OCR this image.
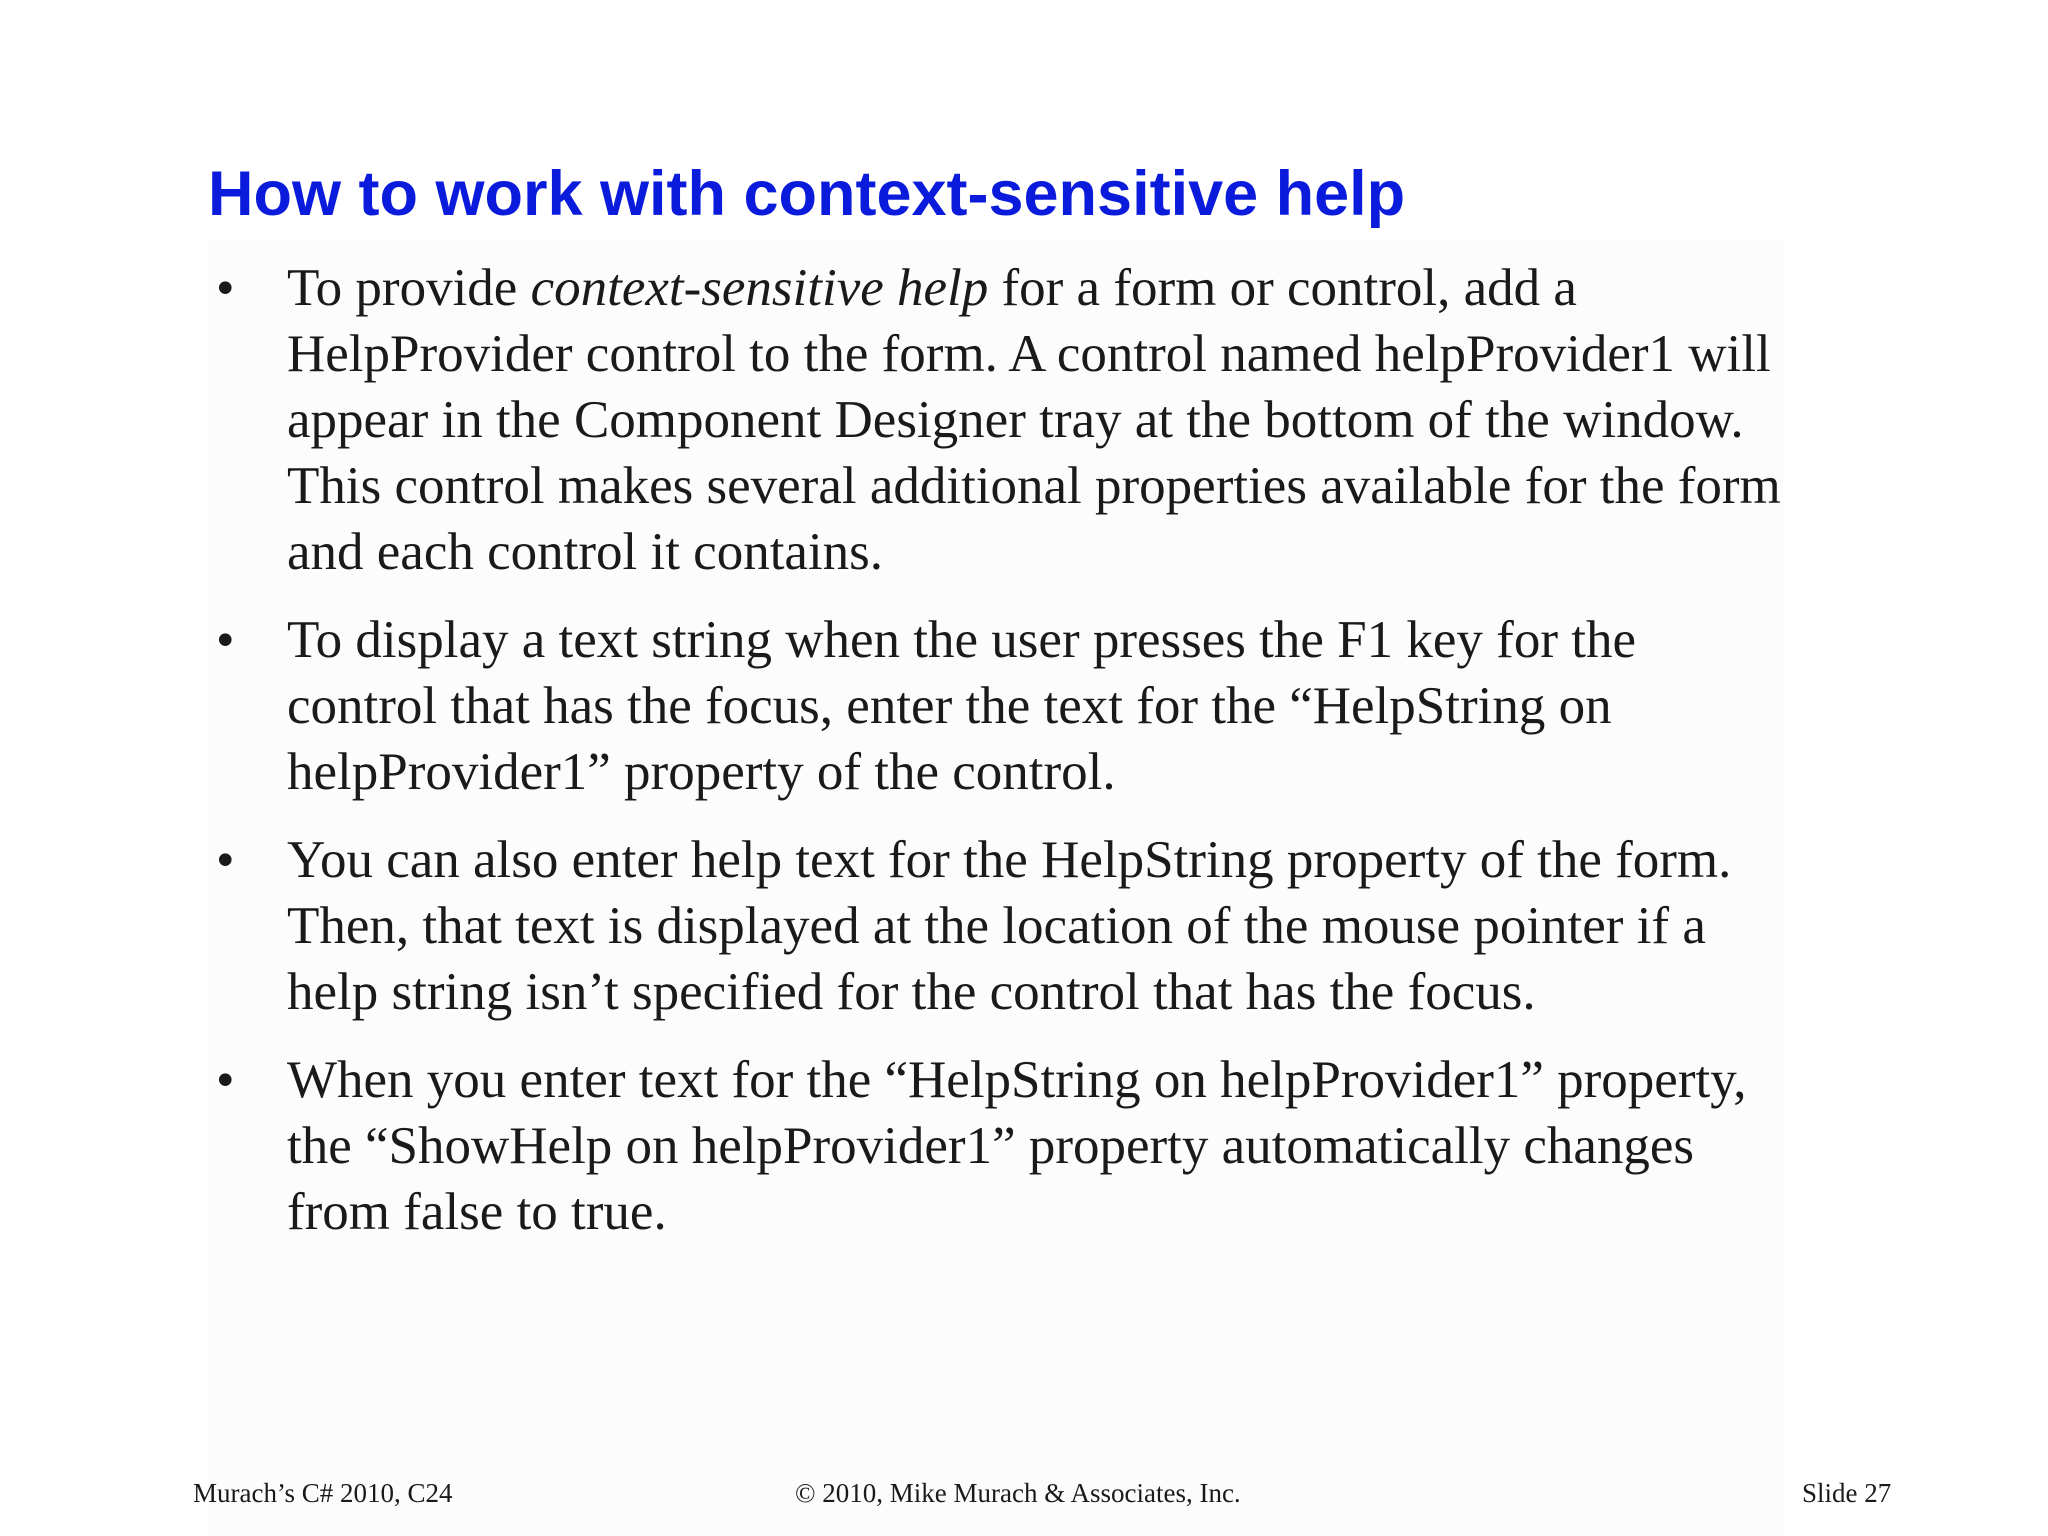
How to work with context-sensitive help
• To provide context-sensitive help for a form or control, add a HelpProvider control to the form. A control named helpProvider1 will appear in the Component Designer tray at the bottom of the window. This control makes several additional properties available for the form and each control it contains.
• To display a text string when the user presses the F1 key for the control that has the focus, enter the text for the “HelpString on helpProvider1” property of the control.
• You can also enter help text for the HelpString property of the form. Then, that text is displayed at the location of the mouse pointer if a help string isn’t specified for the control that has the focus.
• When you enter text for the “HelpString on helpProvider1” property, the “ShowHelp on helpProvider1” property automatically changes from false to true.
Murach’s C# 2010, C24	© 2010, Mike Murach & Associates, Inc.	Slide 27
